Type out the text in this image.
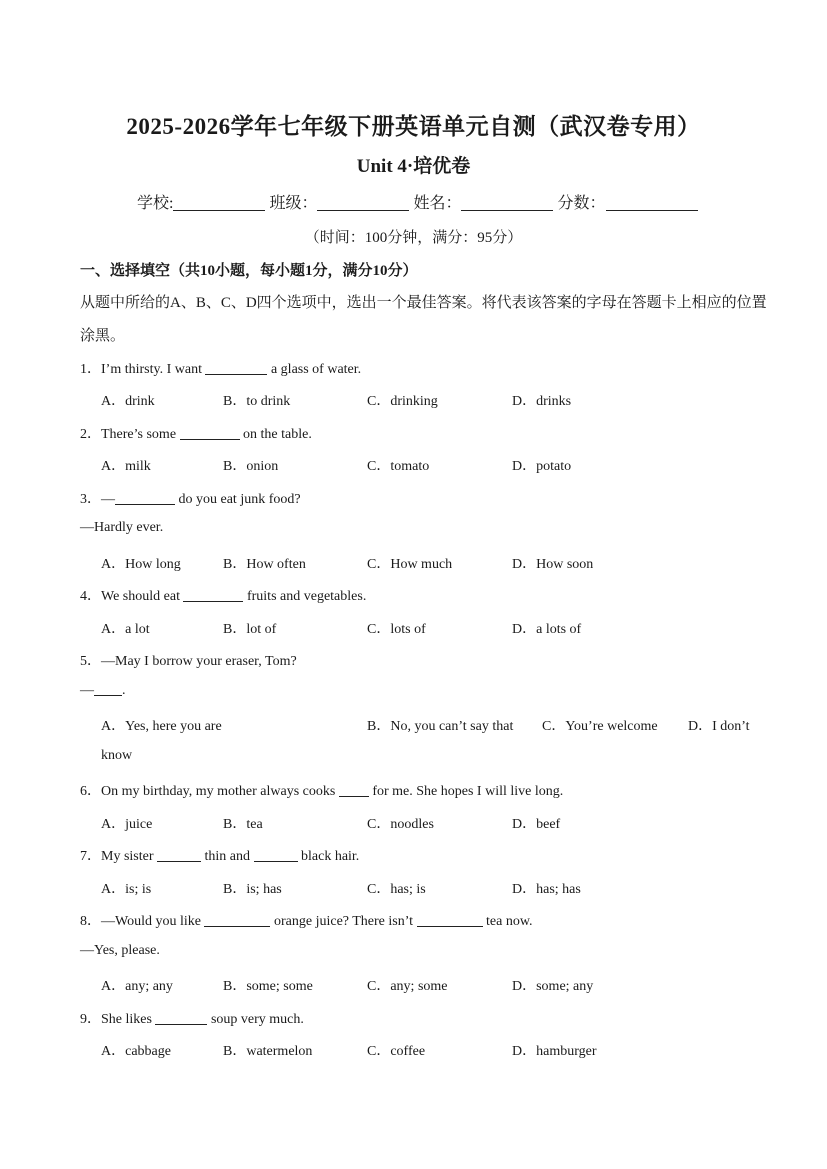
2025-2026学年七年级下册英语单元自测（武汉卷专用）
Unit 4·培优卷
学校:	班级：	姓名：	分数：
（时间：100分钟，满分：95分）
一、选择填空（共10小题，每小题1分，满分10分）
从题中所给的A、B、C、D四个选项中，选出一个最佳答案。将代表该答案的字母在答题卡上相应的位置
涂黑。
1．I’m thirsty. I want	a glass of water.
A．drink	B．to drink	C．drinking	D．drinks
2．There’s some	on the table.
A．milk	B．onion	C．tomato	D．potato
3．—	do you eat junk food?
—Hardly ever.
A．How long	B．How often	C．How much	D．How soon
4．We should eat	fruits and vegetables.
A．a lot	B．lot of	C．lots of	D．a lots of
5．—May I borrow your eraser, Tom?
— .
A．Yes, here you are	B．No, you can’t say that C．You’re welcome D．I don’t
know
6．On my birthday, my mother always cooks  for me. She hopes I will live long.
A．juice	B．tea	C．noodles	D．beef
7．My sister	thin and	black hair.
A．is; is	B．is; has	C．has; is	D．has; has
8．—Would you like	orange juice? There isn’t	tea now.
—Yes, please.
A．any; any	B．some; some	C．any; some	D．some; any
9．She likes	soup very much.
A．cabbage	B．watermelon	C．coffee	D．hamburger
